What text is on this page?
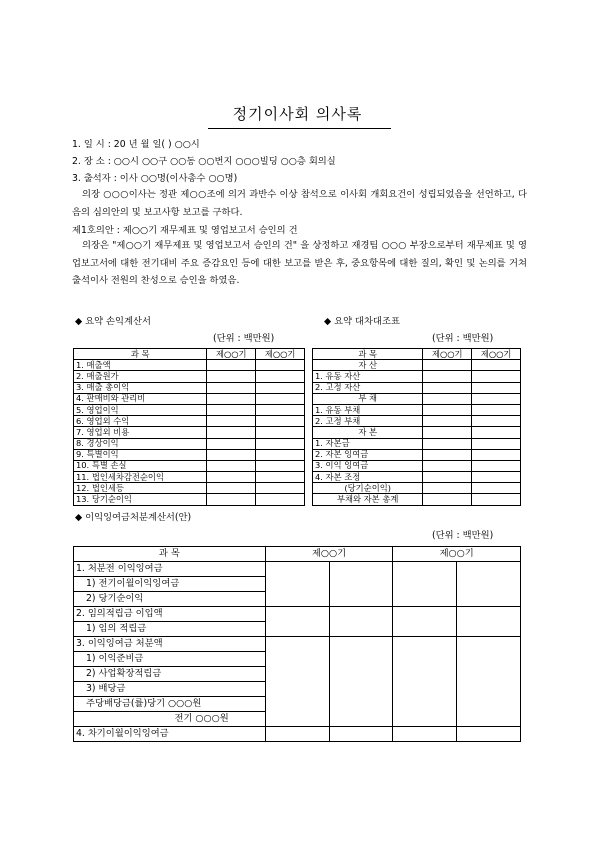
정기이사회 의사록
1. 일 시 : 20 년 월 일( ) ○○시
2. 장 소 : ○○시 ○○구 ○○동 ○○번지 ○○○빌딩 ○○층 회의실
3. 출석자 : 이사 ○○명(이사총수 ○○명)
의장 ○○○이사는 정관 제○○조에 의거 과반수 이상 참석으로 이사회 개회요건이 성립되었음을 선언하고, 다음의 심의안의 및 보고사항 보고를 구하다.
제1호의안 : 제○○기 재무제표 및 영업보고서 승인의 건
의장은 "제○○기 재무제표 및 영업보고서 승인의 건" 을 상정하고 재경팀 ○○○ 부장으로부터 재무제표 및 영업보고서에 대한 전기대비 주요 증감요인 등에 대한 보고를 받은 후, 중요항목에 대한 질의, 확인 및 논의를 거쳐 출석이사 전원의 찬성으로 승인을 하였음.
◆ 요약 손익계산서
(단위 : 백만원)
과 목	제○○기	제○○기
1. 매출액		
2. 매출원가		
3. 매출 총이익		
4. 판매비와 관리비		
5. 영업이익		
6. 영업외 수익		
7. 영업외 비용		
8. 경상이익		
9. 특별이익		
10. 특별 손실		
11. 법인세차감전순이익		
12. 법인세등		
13. 당기순이익		
◆ 요약 대차대조표
(단위 : 백만원)
과 목	제○○기	제○○기
자 산		
1. 유동 자산		
2. 고정 자산		
부 채		
1. 유동 부채		
2. 고정 부채		
자 본		
1. 자본금		
2. 자본 잉여금		
3. 이익 잉여금		
4. 자본 조정		
(당기순이익)		
부채와 자본 총계		
◆ 이익잉여금처분계산서(안)
(단위 : 백만원)
과 목	제○○기		제○○기	
1. 처분전 이익잉여금				
1) 전기이월이익잉여금				
2) 당기순이익				
2. 임의적립금 이입액				
1) 임의 적립금				
3. 이익잉여금 처분액				
1) 이익준비금				
2) 사업확장적립금				
3) 배당금				
주당배당금(률)당기 ○○○원				
전기 ○○○원				
4. 차기이월이익잉여금				
